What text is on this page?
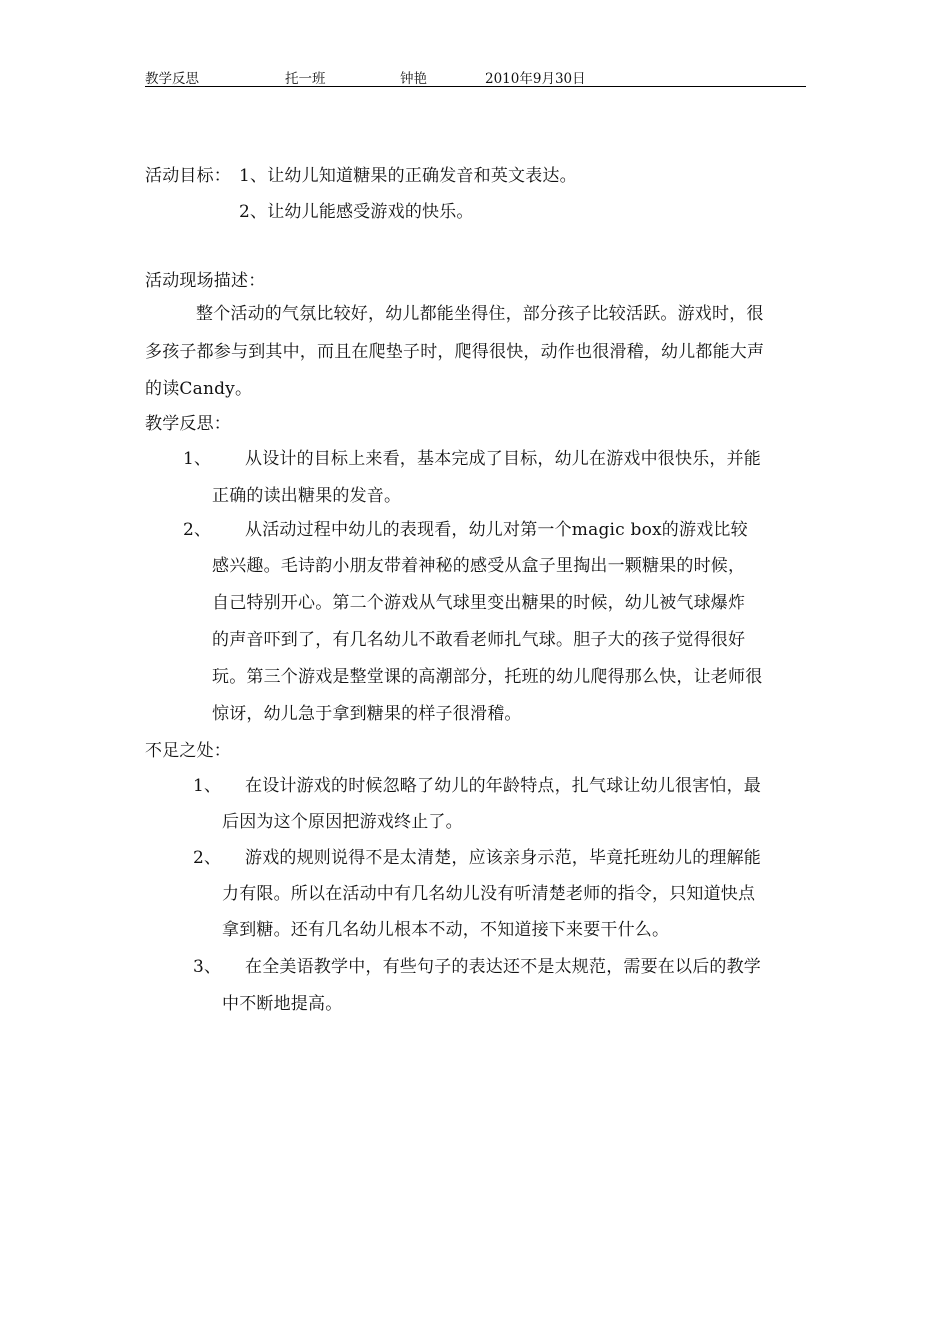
教学反思	托一班	钟艳	2010年9月30日
活动目标： 1、让幼儿知道糖果的正确发音和英文表达。
2、让幼儿能感受游戏的快乐。
活动现场描述：
整个活动的气氛比较好，幼儿都能坐得住，部分孩子比较活跃。游戏时，很
多孩子都参与到其中，而且在爬垫子时，爬得很快，动作也很滑稽，幼儿都能大声
的读Candy。
教学反思：
1、 从设计的目标上来看，基本完成了目标，幼儿在游戏中很快乐，并能
正确的读出糖果的发音。
2、 从活动过程中幼儿的表现看，幼儿对第一个magic box的游戏比较
感兴趣。毛诗韵小朋友带着神秘的感受从盒子里掏出一颗糖果的时候，
自己特别开心。第二个游戏从气球里变出糖果的时候，幼儿被气球爆炸
的声音吓到了，有几名幼儿不敢看老师扎气球。胆子大的孩子觉得很好
玩。第三个游戏是整堂课的高潮部分，托班的幼儿爬得那么快，让老师很
惊讶，幼儿急于拿到糖果的样子很滑稽。
不足之处：
1、 在设计游戏的时候忽略了幼儿的年龄特点，扎气球让幼儿很害怕，最
后因为这个原因把游戏终止了。
2、 游戏的规则说得不是太清楚，应该亲身示范，毕竟托班幼儿的理解能
力有限。所以在活动中有几名幼儿没有听清楚老师的指令，只知道快点
拿到糖。还有几名幼儿根本不动，不知道接下来要干什么。
3、 在全美语教学中，有些句子的表达还不是太规范，需要在以后的教学
中不断地提高。
